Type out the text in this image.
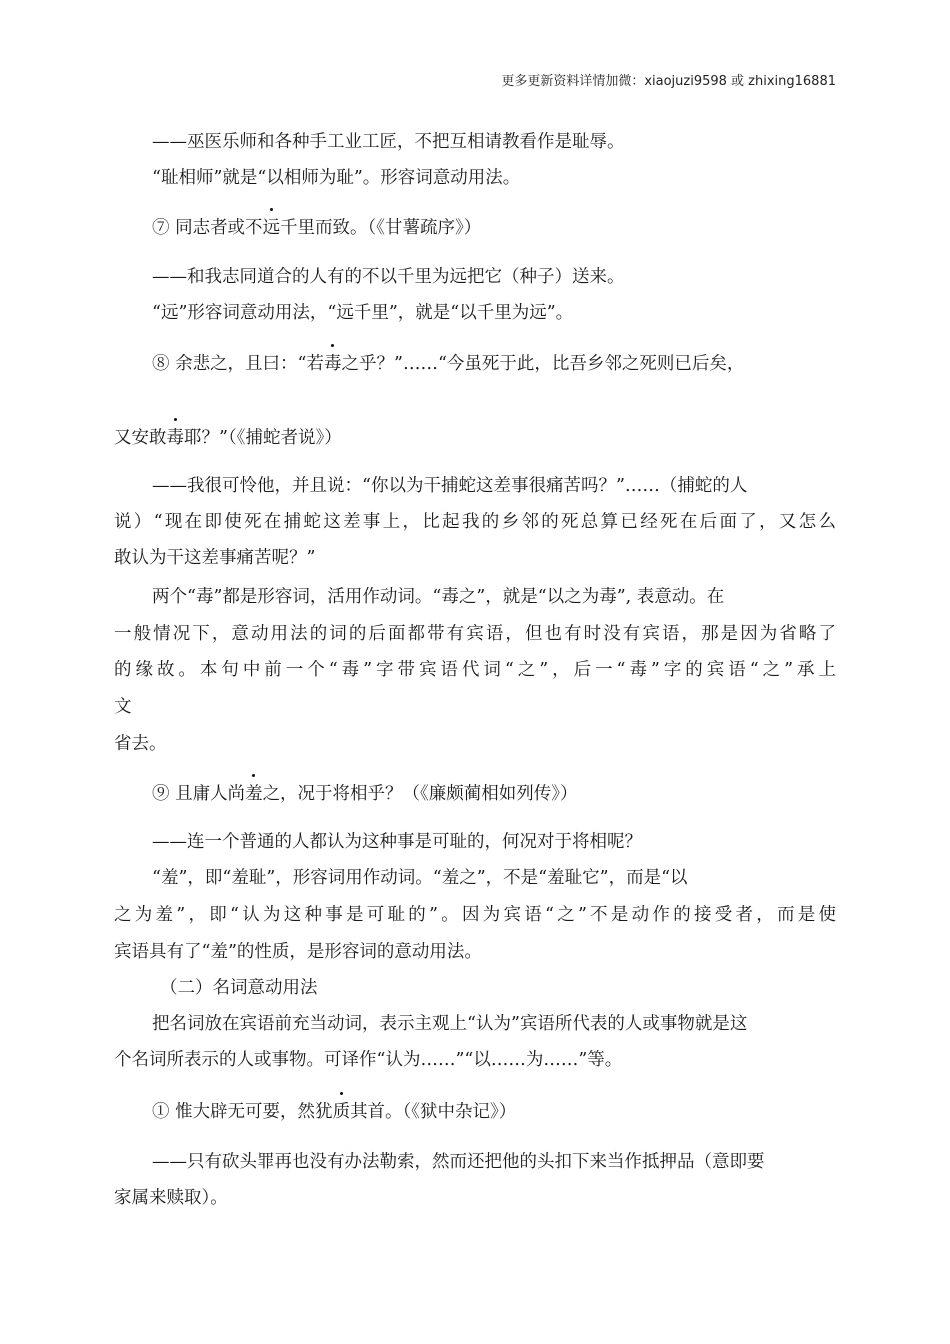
更多更新资料详情加微：xiaojuzi9598 或 zhixing16881
——巫医乐师和各种手工业工匠，不把互相请教看作是耻辱。
“耻相师”就是“以相师为耻”。形容词意动用法。
⑦ 同志者或不远千里而致。（《甘薯疏序》）
——和我志同道合的人有的不以千里为远把它（种子）送来。
“远”形容词意动用法，“远千里”，就是“以千里为远”。
⑧ 余悲之，且曰：“若毒之乎？”……“今虽死于此，比吾乡邻之死则已后矣，
又安敢毒耶？”（《捕蛇者说》）
——我很可怜他，并且说：“你以为干捕蛇这差事很痛苦吗？”……（捕蛇的人
说）“现在即使死在捕蛇这差事上，比起我的乡邻的死总算已经死在后面了，又怎么
敢认为干这差事痛苦呢？”
两个“毒”都是形容词，活用作动词。“毒之”，就是“以之为毒”, 表意动。在
一般情况下，意动用法的词的后面都带有宾语，但也有时没有宾语，那是因为省略了
的缘故。本句中前一个“毒”字带宾语代词“之”，后一“毒”字的宾语“之”承上
文
省去。
⑨ 且庸人尚羞之，况于将相乎？（《廉颇蔺相如列传》）
——连一个普通的人都认为这种事是可耻的，何况对于将相呢？
“羞”，即“羞耻”，形容词用作动词。“羞之”，不是“羞耻它”，而是“以
之为羞”，即“认为这种事是可耻的”。因为宾语“之”不是动作的接受者，而是使
宾语具有了“羞”的性质，是形容词的意动用法。
（二）名词意动用法
把名词放在宾语前充当动词，表示主观上“认为”宾语所代表的人或事物就是这
个名词所表示的人或事物。可译作“认为……”“以……为……”等。
① 惟大辟无可要，然犹质其首。（《狱中杂记》）
——只有砍头罪再也没有办法勒索，然而还把他的头扣下来当作抵押品（意即要
家属来赎取）。
